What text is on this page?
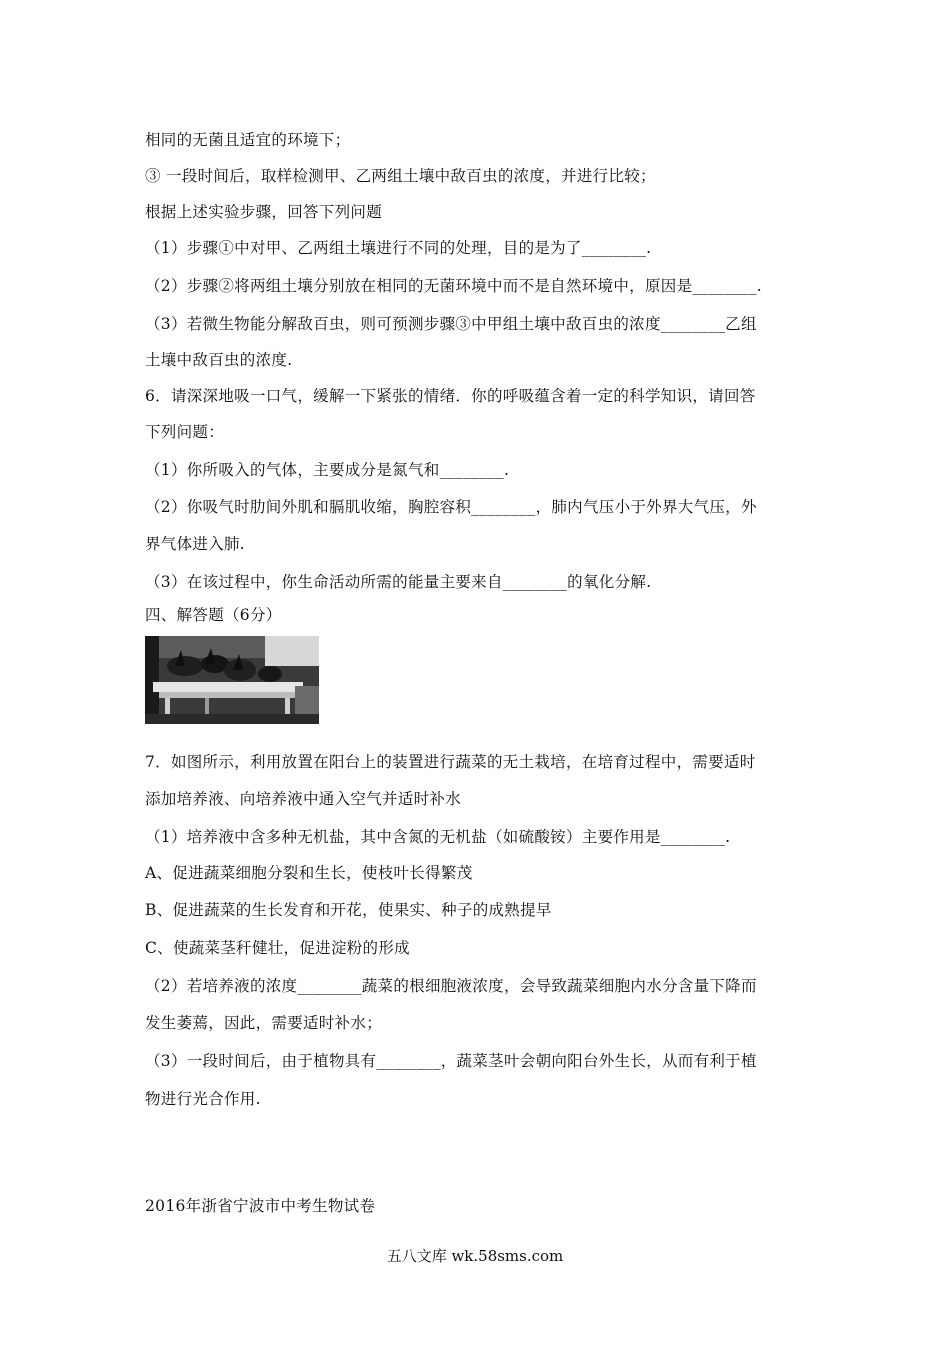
相同的无菌且适宜的环境下；
③ 一段时间后，取样检测甲、乙两组土壤中敌百虫的浓度，并进行比较；
根据上述实验步骤，回答下列问题
（1）步骤①中对甲、乙两组土壤进行不同的处理，目的是为了________.
（2）步骤②将两组土壤分别放在相同的无菌环境中而不是自然环境中，原因是________.
（3）若微生物能分解敌百虫，则可预测步骤③中甲组土壤中敌百虫的浓度________乙组
土壤中敌百虫的浓度.
6．请深深地吸一口气，缓解一下紧张的情绪．你的呼吸蕴含着一定的科学知识，请回答
下列问题：
（1）你所吸入的气体，主要成分是氮气和________.
（2）你吸气时肋间外肌和膈肌收缩，胸腔容积________，肺内气压小于外界大气压，外
界气体进入肺.
（3）在该过程中，你生命活动所需的能量主要来自________的氧化分解.
四、解答题（6分）
7．如图所示，利用放置在阳台上的装置进行蔬菜的无土栽培，在培育过程中，需要适时
添加培养液、向培养液中通入空气并适时补水
（1）培养液中含多种无机盐，其中含氮的无机盐（如硫酸铵）主要作用是________.
A、促进蔬菜细胞分裂和生长，使枝叶长得繁茂
B、促进蔬菜的生长发育和开花，使果实、种子的成熟提早
C、使蔬菜茎秆健壮，促进淀粉的形成
（2）若培养液的浓度________蔬菜的根细胞液浓度，会导致蔬菜细胞内水分含量下降而
发生萎蔫，因此，需要适时补水；
（3）一段时间后，由于植物具有________，蔬菜茎叶会朝向阳台外生长，从而有利于植
物进行光合作用.
2016年浙省宁波市中考生物试卷
五八文库 wk.58sms.com
